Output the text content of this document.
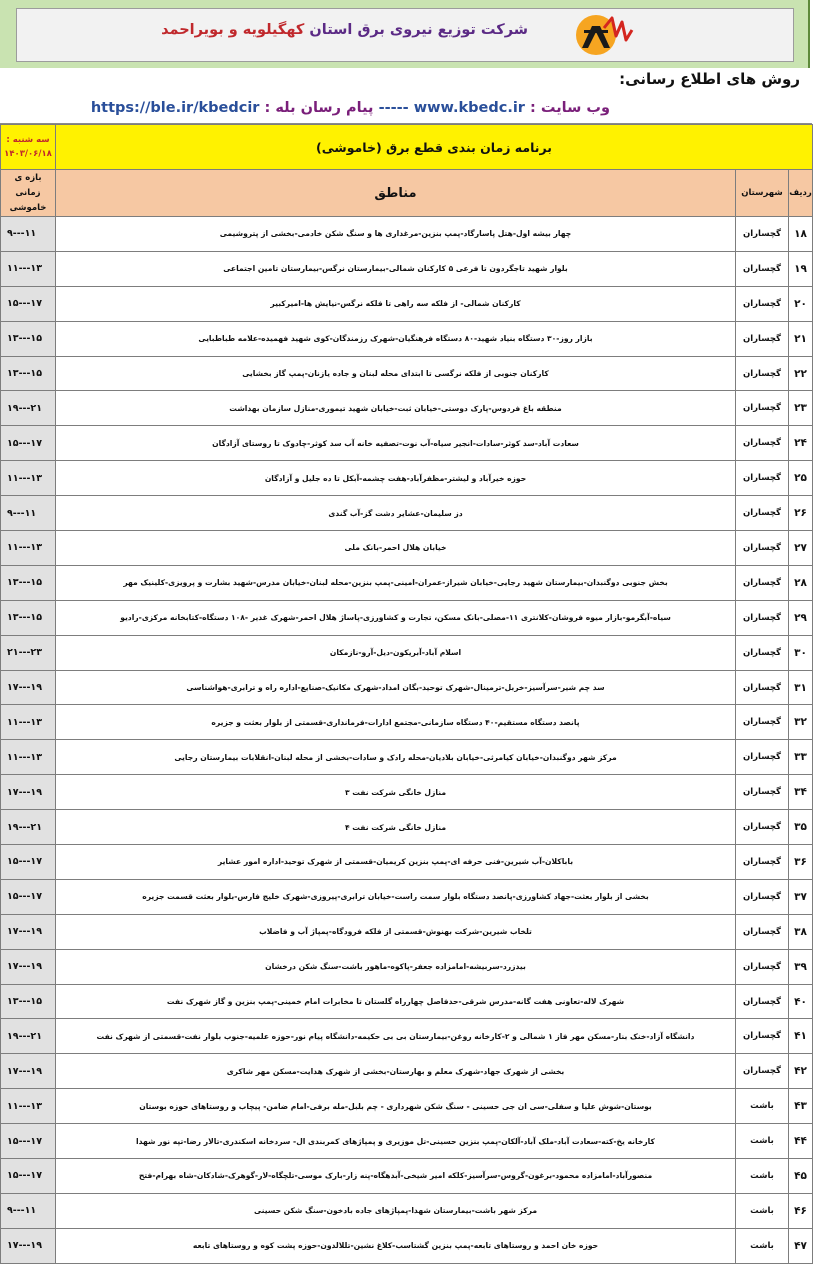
شرکت توزیع نیروی برق استان کهگیلویه و بویراحمد
روش های اطلاع رسانی:
وب سایت : www.kbedc.ir ----- پیام رسان بله : https://ble.ir/kbedcir
سه شنبه :
۱۴۰۳/۰۶/۱۸	برنامه زمان بندی قطع برق (خاموشی)		
بازه ی زمانی خاموشی	مناطق	شهرستان	ردیف
۹---۱۱	چهار بیشه اول-هتل پاسارگاد-پمپ بنزین-مرغداری ها و سنگ شکن خادمی-بخشی از پتروشیمی	گچساران	۱۸
۱۱---۱۳	بلوار شهید تاجگردون تا فرعی ۵ کارکنان شمالی-بیمارستان نرگس-بیمارستان تامین اجتماعی	گچساران	۱۹
۱۵---۱۷	کارکنان شمالی- از فلکه سه راهی تا فلکه نرگس-نیایش ها-امیرکبیر	گچساران	۲۰
۱۳---۱۵	بازار روز-۳۰ دستگاه بنیاد شهید-۸۰ دستگاه فرهنگیان-شهرک رزمندگان-کوی شهید فهمیده-علامه طباطبایی	گچساران	۲۱
۱۳---۱۵	کارکنان جنوبی از فلکه نرگسی تا ابتدای محله لبنان و جاده یازنان-پمپ گاز بخشایی	گچساران	۲۲
۱۹---۲۱	منطقه باغ فردوس-پارک دوستی-خیابان ثبت-خیابان شهید تیموری-منازل سازمان بهداشت	گچساران	۲۳
۱۵---۱۷	سعادت آباد-سد کوثر-سادات-انجیر سیاه-آب نوت-تصفیه خانه آب سد کوثر-چادوک تا روستای آزادگان	گچساران	۲۴
۱۱---۱۳	حوزه خیرآباد و لیشتر-مظفرآباد-هفت چشمه-آبکل تا ده جلیل و آزادگان	گچساران	۲۵
۹---۱۱	دز سلیمان-عشایر دشت گز-آب گندی	گچساران	۲۶
۱۱---۱۳	خیابان هلال احمر-بانک ملی	گچساران	۲۷
۱۳---۱۵	بخش جنوبی دوگنبدان-بیمارستان شهید رجایی-خیابان شیراز-عمران-امینی-پمپ بنزین-محله لبنان-خیابان مدرس-شهید بشارت و پرویزی-کلینیک مهر	گچساران	۲۸
۱۳---۱۵	سیاه-آبگرمو-بازار میوه فروشان-کلانتری ۱۱-مصلی-بانک مسکن، تجارت و کشاورزی-پاساژ هلال احمر-شهرک غدیر -۱۰۸ دستگاه-کتابخانه مرکزی-رادیو	گچساران	۲۹
۲۱---۲۳	اسلام آباد-آبریکون-دیل-آرو-نازمکان	گچساران	۳۰
۱۷---۱۹	سد چم شیر-سرآسیز-خربل-ترمینال-شهرک توحید-بگان امداد-شهرک مکانیک-صنایع-اداره راه و ترابری-هواشناسی	گچساران	۳۱
۱۱---۱۳	پانصد دستگاه مستقیم-۴۰ دستگاه سازمانی-مجتمع ادارات-فرمانداری-قسمتی از بلوار بعثت و جزیره	گچساران	۳۲
۱۱---۱۳	مرکز شهر دوگنبدان-خیابان کیامرثی-خیابان بلادیان-محله رادک و سادات-بخشی از محله لبنان-انقلابات بیمارستان رجایی	گچساران	۳۳
۱۷---۱۹	منازل خانگی شرکت نفت ۳	گچساران	۳۴
۱۹---۲۱	منازل خانگی شرکت نفت ۴	گچساران	۳۵
۱۵---۱۷	باباکلان-آب شیرین-فنی حرفه ای-پمپ بنزین کریمیان-قسمتی از شهرک توحید-اداره امور عشایر	گچساران	۳۶
۱۵---۱۷	بخشی از بلوار بعثت-جهاد کشاورزی-پانصد دستگاه بلوار سمت راست-خیابان ترابری-پیروزی-شهرک خلیج فارس-بلوار بعثت قسمت جزیره	گچساران	۳۷
۱۷---۱۹	تلخاب شیرین-شرکت بهنوش-قسمتی از فلکه فرودگاه-پمپاژ آب و فاضلاب	گچساران	۳۸
۱۷---۱۹	بیدزرد-سربیشه-امامزاده جعفر-پاکوه-ماهور باشت-سنگ شکن درخشان	گچساران	۳۹
۱۳---۱۵	شهرک لاله-تعاونی هفت گانه-مدرس شرقی-حدفاصل چهارراه گلستان تا مخابرات امام خمینی-پمپ بنزین و گاز شهرک نفت	گچساران	۴۰
۱۹---۲۱	دانشگاه آزاد-خنک بنار-مسکن مهر فاز ۱ شمالی و ۲-کارخانه روغن-بیمارستان بی بی حکیمه-دانشگاه پیام نور-حوزه علمیه-جنوب بلوار نفت-قسمتی از شهرک نفت	گچساران	۴۱
۱۷---۱۹	بخشی از شهرک جهاد-شهرک معلم و بهارستان-بخشی از شهرک هدایت-مسکن مهر شاکری	گچساران	۴۲
۱۱---۱۳	بوستان-شوش علیا و سفلی-سی ان جی حسینی - سنگ شکن شهرداری - چم بلبل-مله برفی-امام ضامن- پیچاب و روستاهای حوزه بوستان	باشت	۴۳
۱۵---۱۷	کارخانه یخ-کته-سعادت آباد-ملک آباد-آلکان-پمپ بنزین حسینی-تل موزیری و پمپاژهای کمربندی ال- سردخانه اسکندری-تالار رضا-تپه نور شهدا	باشت	۴۴
۱۵---۱۷	منصورآباد-امامزاده محمود-برغون-گروس-سرآسیز-کلکه امیر شیخی-آبدهگاه-پنه زار-بارک موسی-تلچگاه-لار-گوهرک-شادکان-شاه بهرام-فتح	باشت	۴۵
۹---۱۱	مرکز شهر باشت-بیمارستان شهدا-پمپاژهای جاده بادخون-سنگ شکن حسینی	باشت	۴۶
۱۷---۱۹	حوزه خان احمد و روستاهای تابعه-پمپ بنزین گشتاسب-کلاغ نشین-تللالدون-حوزه پشت کوه و روستاهای تابعه	باشت	۴۷
